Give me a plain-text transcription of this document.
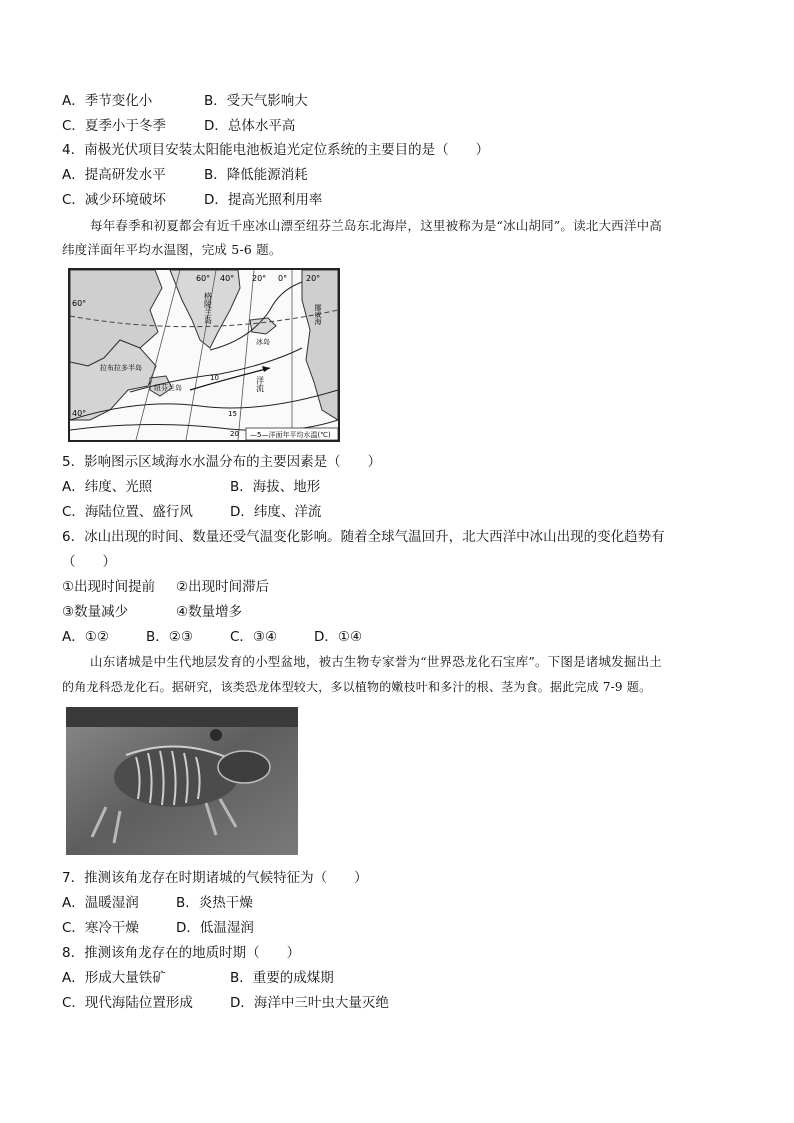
A．季节变化小	B．受天气影响大
C．夏季小于冬季	D．总体水平高
4．南极光伏项目安装太阳能电池板追光定位系统的主要目的是（　　）
A．提高研发水平	B．降低能源消耗
C．减少环境破坏	D．提高光照利用率
每年春季和初夏都会有近千座冰山漂至纽芬兰岛东北海岸，这里被称为是“冰山胡同”。读北大西洋中高
纬度洋面年平均水温图，完成 5-6 题。
60° 40° 20° 0° 20°
60°
40°
格陵兰岛
冰岛
挪威海
拉布拉多半岛
纽芬兰岛	洋流
10
15
20 —5—洋面年平均水温(℃)
5．影响图示区域海水水温分布的主要因素是（　　）
A．纬度、光照	B．海拔、地形
C．海陆位置、盛行风	D．纬度、洋流
6．冰山出现的时间、数量还受气温变化影响。随着全球气温回升，北大西洋中冰山出现的变化趋势有
（　　）
①出现时间提前 ②出现时间滞后
③数量减少	④数量增多
A．①②	B．②③	C．③④	D．①④
山东诸城是中生代地层发育的小型盆地，被古生物专家誉为“世界恐龙化石宝库”。下图是诸城发掘出土
的角龙科恐龙化石。据研究，该类恐龙体型较大，多以植物的嫩枝叶和多汁的根、茎为食。据此完成 7-9 题。
7．推测该角龙存在时期诸城的气候特征为（　　）
A．温暖湿润	B．炎热干燥
C．寒冷干燥	D．低温湿润
8．推测该角龙存在的地质时期（　　）
A．形成大量铁矿	B．重要的成煤期
C．现代海陆位置形成	D．海洋中三叶虫大量灭绝
